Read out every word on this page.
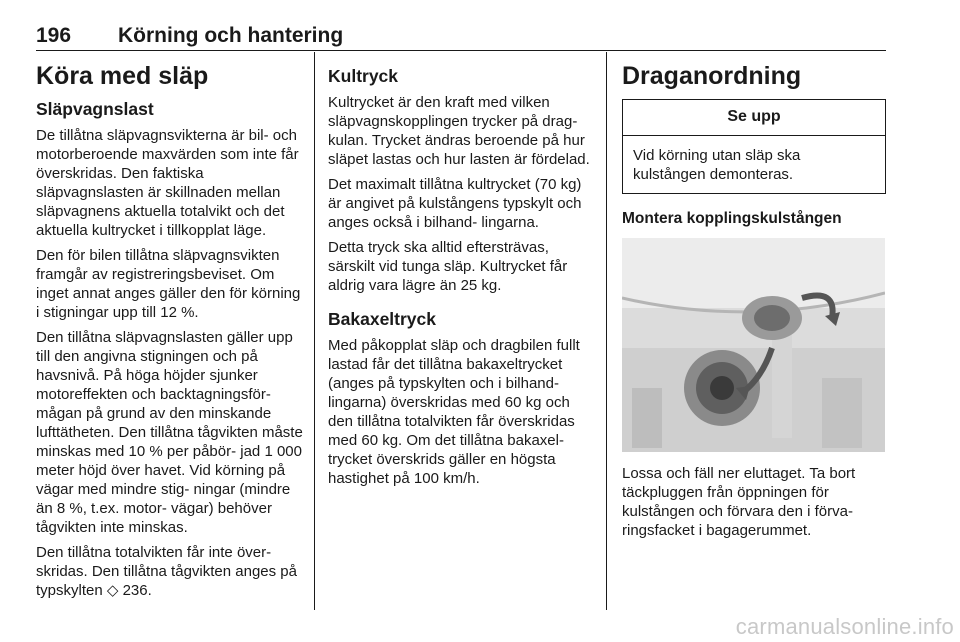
196 Körning och hantering
Köra med släp
Släpvagnslast

De tillåtna släpvagnsvikterna är bil- och motorberoende maxvärden som inte får överskridas. Den faktiska släpvagnslasten är skillnaden mellan släpvagnens aktuella totalvikt och det aktuella kultrycket i tillkopplat läge.

Den för bilen tillåtna släpvagnsvikten framgår av registreringsbeviset. Om inget annat anges gäller den för körning i stigningar upp till 12 %.

Den tillåtna släpvagnslasten gäller upp till den angivna stigningen och på havsnivå. På höga höjder sjunker motoreffekten och backtagningsför- mågan på grund av den minskande lufttätheten. Den tillåtna tågvikten måste minskas med 10 % per påbör- jad 1 000 meter höjd över havet. Vid körning på vägar med mindre stig- ningar (mindre än 8 %, t.ex. motor- vägar) behöver tågvikten inte minskas.

Den tillåtna totalvikten får inte över- skridas. Den tillåtna tågvikten anges på typskylten ◇ 236.

Kultryck

Kultrycket är den kraft med vilken släpvagnskopplingen trycker på drag- kulan. Trycket ändras beroende på hur släpet lastas och hur lasten är fördelad.

Det maximalt tillåtna kultrycket (70 kg) är angivet på kulstångens typskylt och anges också i bilhand- lingarna.

Detta tryck ska alltid eftersträvas, särskilt vid tunga släp. Kultrycket får aldrig vara lägre än 25 kg.

Bakaxeltryck

Med påkopplat släp och dragbilen fullt lastad får det tillåtna bakaxeltrycket (anges på typskylten och i bilhand- lingarna) överskridas med 60 kg och den tillåtna totalvikten får överskridas med 60 kg. Om det tillåtna bakaxel- trycket överskrids gäller en högsta hastighet på 100 km/h.

Draganordning
Se upp
Vid körning utan släp ska kulstången demonteras.
Montera kopplingskulstången

Lossa och fäll ner eluttaget. Ta bort täckpluggen från öppningen för kulstången och förvara den i förva- ringsfacket i bagagerummet.

carmanualsonline.info
